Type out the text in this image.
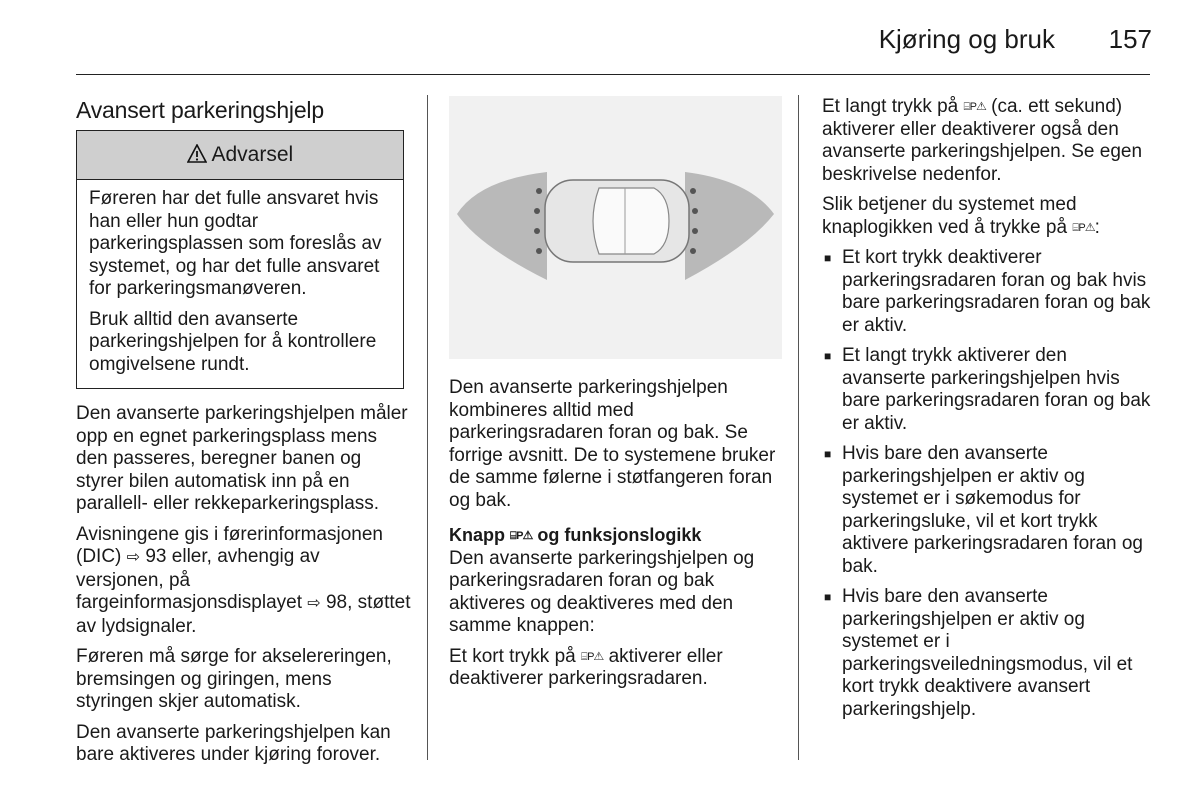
Kjøring og bruk 157
Avansert parkeringshjelp
Advarsel

Føreren har det fulle ansvaret hvis han eller hun godtar parkeringsplassen som foreslås av systemet, og har det fulle ansvaret for parkeringsmanøveren.

Bruk alltid den avanserte parkeringshjelpen for å kontrollere omgivelsene rundt.

Den avanserte parkeringshjelpen måler opp en egnet parkeringsplass mens den passeres, beregner banen og styrer bilen automatisk inn på en parallell- eller rekkeparkeringsplass.

Avisningene gis i førerinformasjonen (DIC) ⇨ 93 eller, avhengig av versjonen, på fargeinformasjonsdisplayet ⇨ 98, støttet av lydsignaler.

Føreren må sørge for akselereringen, bremsingen og giringen, mens styringen skjer automatisk.

Den avanserte parkeringshjelpen kan bare aktiveres under kjøring forover.

Den avanserte parkeringshjelpen kombineres alltid med parkeringsradaren foran og bak. Se forrige avsnitt. De to systemene bruker de samme følerne i støtfangeren foran og bak.

Knapp ⌸P⚠ og funksjonslogikk

Den avanserte parkeringshjelpen og parkeringsradaren foran og bak aktiveres og deaktiveres med den samme knappen:

Et kort trykk på ⌸P⚠ aktiverer eller deaktiverer parkeringsradaren.

Et langt trykk på ⌸P⚠ (ca. ett sekund) aktiverer eller deaktiverer også den avanserte parkeringshjelpen. Se egen beskrivelse nedenfor.

Slik betjener du systemet med knaplogikken ved å trykke på ⌸P⚠:

■ Et kort trykk deaktiverer parkeringsradaren foran og bak hvis bare parkeringsradaren foran og bak er aktiv.
■ Et langt trykk aktiverer den avanserte parkeringshjelpen hvis bare parkeringsradaren foran og bak er aktiv.
■ Hvis bare den avanserte parkeringshjelpen er aktiv og systemet er i søkemodus for parkeringsluke, vil et kort trykk aktivere parkeringsradaren foran og bak.
■ Hvis bare den avanserte parkeringshjelpen er aktiv og systemet er i parkeringsveiledningsmodus, vil et kort trykk deaktivere avansert parkeringshjelp.
